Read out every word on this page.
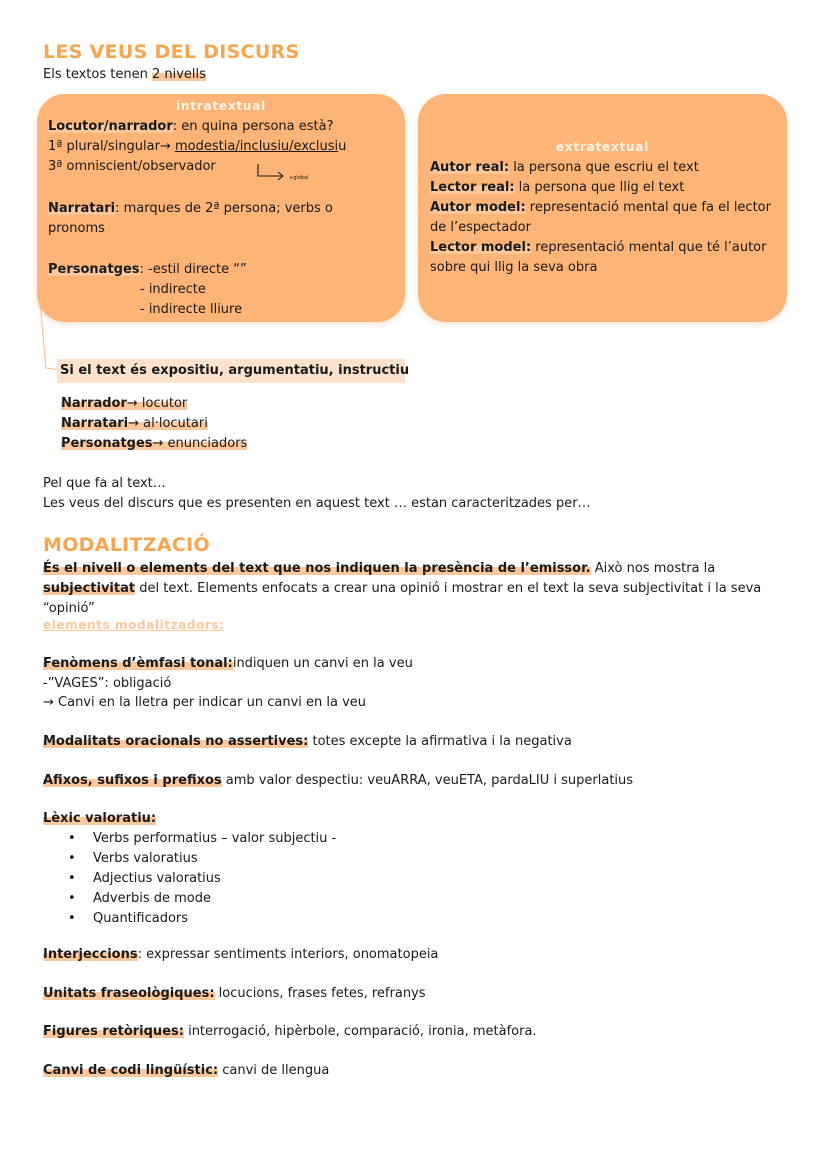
LES VEUS DEL DISCURS
Els textos tenen 2 nivells
intratextual
Locutor/narrador: en quina persona està?
1ª plural/singular→ modestia/inclusiu/exclusiu
3ª omniscient/observador
+global
Narratari: marques de 2ª persona; verbs o pronoms
Personatges: -estil directe “”
- indirecte
- indirecte lliure
extratextual
Autor real: la persona que escriu el text
Lector real: la persona que llig el text
Autor model: representació mental que fa el lector de l’espectador
Lector model: representació mental que té l’autor sobre qui llig la seva obra
Si el text és expositiu, argumentatiu, instructiu
Narrador→ locutor
Narratari→ al·locutari
Personatges→ enunciadors
Pel que fa al text…
Les veus del discurs que es presenten en aquest text … estan caracteritzades per…
MODALITZACIÓ
És el nivell o elements del text que nos indiquen la presència de l’emissor. Això nos mostra la subjectivitat del text. Elements enfocats a crear una opinió i mostrar en el text la seva subjectivitat i la seva “opinió”
elements modalitzadors:
Fenòmens d’èmfasi tonal:indiquen un canvi en la veu
-”VAGES”: obligació
→ Canvi en la lletra per indicar un canvi en la veu
Modalitats oracionals no assertives: totes excepte la afirmativa i la negativa
Afixos, sufixos i prefixos amb valor despectiu: veuARRA, veuETA, pardaLIU i superlatius
Lèxic valoratiu:
• Verbs performatius – valor subjectiu -
• Verbs valoratius
• Adjectius valoratius
• Adverbis de mode
• Quantificadors
Interjeccions: expressar sentiments interiors, onomatopeia
Unitats fraseològiques: locucions, frases fetes, refranys
Figures retòriques: interrogació, hipèrbole, comparació, ironia, metàfora.
Canvi de codi lingüístic: canvi de llengua
